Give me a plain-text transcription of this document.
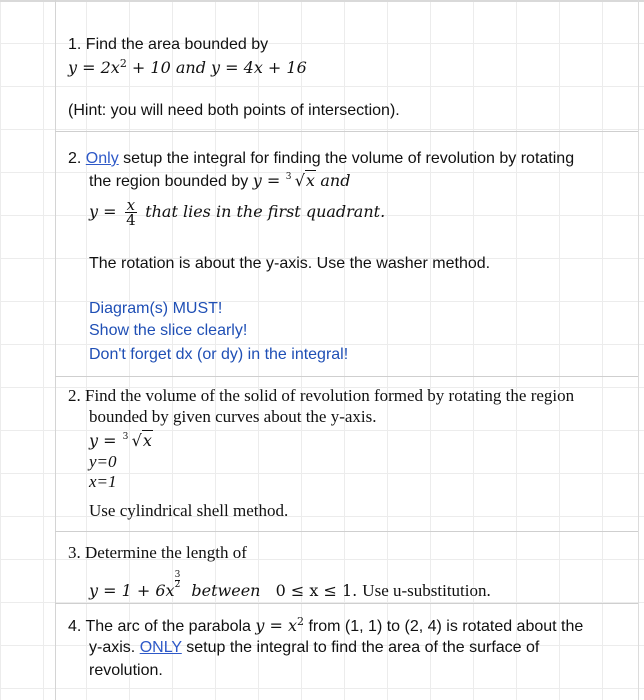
1. Find the area bounded by
$y = 2x^2 + 10$ and y = 4x + 16
(Hint: you will need both points of intersection).
2. Only setup the integral for finding the volume of revolution by rotating
the region bounded by y = 3 √x and
$y = \frac{x}{4}$ that lies in the first quadrant.
The rotation is about the y-axis. Use the washer method.
Diagram(s) MUST!
Show the slice clearly!
Don't forget dx (or dy) in the integral!
2. Find the volume of the solid of revolution formed by rotating the region
bounded by given curves about the y-axis.
y = 3 √x
y=0
x=1
Use cylindrical shell method.
3. Determine the length of
y = 1 + 6x
$\frac{3}{2}$
between 0 ≤ x ≤ 1. Use u-substitution.
4. The arc of the parabola $y = x^2$ from (1, 1) to (2, 4) is rotated about the
y-axis. ONLY setup the integral to find the area of the surface of
revolution.
